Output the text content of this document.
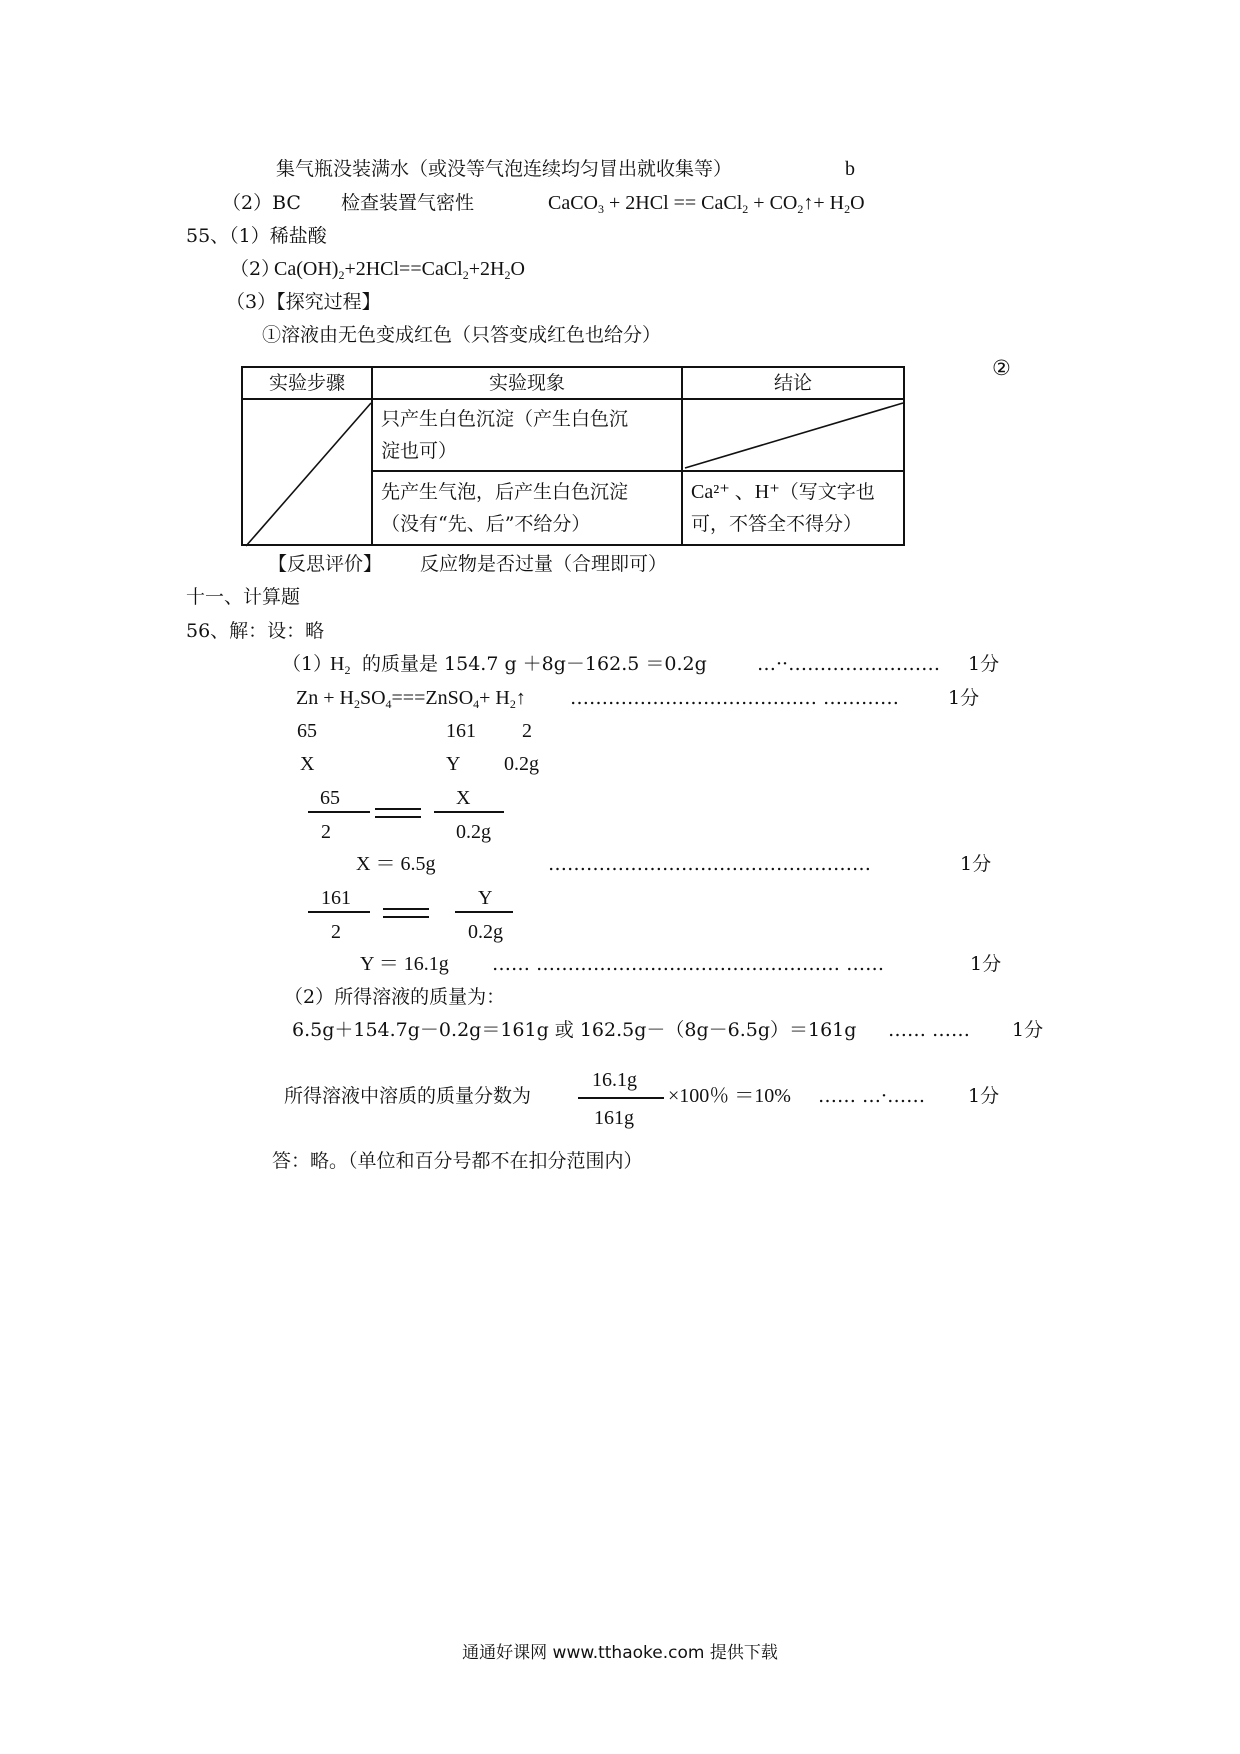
集气瓶没装满水（或没等气泡连续均匀冒出就收集等）	b
（2）BC 检查装置气密性	CaCO$_3$ + 2HCl == CaCl$_2$ + $CO_2↑+ H_2O$
55、（1）稀盐酸
（2）
$Ca(OH)_2+2HCl==CaCl_2+2H_2O$
（3）【探究过程】
①溶液由无色变成红色（只答变成红色也给分）
②
实验步骤	实验现象	结论

	只产生白色沉淀（产生白色沉
淀也可）	

	先产生气泡，后产生白色沉淀
（没有“先、后”不给分）	Ca²⁺ 、H⁺（写文字也
可，不答全不得分）
【反思评价】 反应物是否过量（合理即可）
十一、计算题
56、解：设：略
（1）
$H_2$ 的质量是 154.7 g ＋8g－162.5 ＝0.2g	…··…………………… 1分
$Zn + H_2SO_4===ZnSO_4+$ $H_2↑$ ………………………………… …………	1分
65	161 2
X	Y 0.2g
65
2
X
0.2g
X ＝ 6.5g	……………………………………………	1分
161
2
Y
0.2g
Y ＝ 16.1g …… ………………………………………… ……	1分
（2）所得溶液的质量为：
6.5g＋154.7g－0.2g＝161g 或 162.5g－（8g－6.5g）＝161g …… …… 1分
所得溶液中溶质的质量分数为
16.1g
161g
×100％ ＝10% …… …·…… 1分
答：略。（单位和百分号都不在扣分范围内）
通通好课网 www.tthaoke.com 提供下载
